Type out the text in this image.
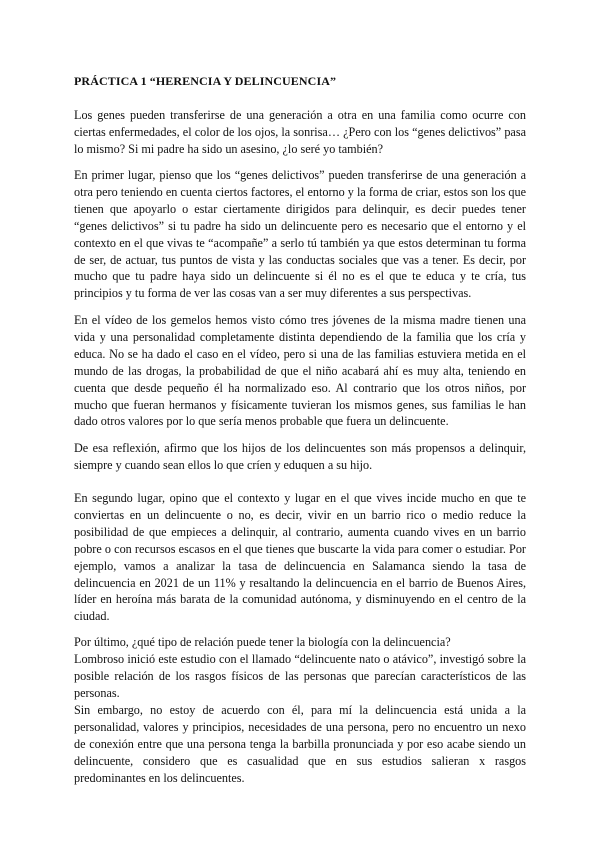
PRÁCTICA 1 “HERENCIA Y DELINCUENCIA”

Los genes pueden transferirse de una generación a otra en una familia como ocurre con ciertas enfermedades, el color de los ojos, la sonrisa… ¿Pero con los “genes delictivos” pasa lo mismo? Si mi padre ha sido un asesino, ¿lo seré yo también?

En primer lugar, pienso que los “genes delictivos” pueden transferirse de una generación a otra pero teniendo en cuenta ciertos factores, el entorno y la forma de criar, estos son los que tienen que apoyarlo o estar ciertamente dirigidos para delinquir, es decir puedes tener “genes delictivos” si tu padre ha sido un delincuente pero es necesario que el entorno y el contexto en el que vivas te “acompañe” a serlo tú también ya que estos determinan tu forma de ser, de actuar, tus puntos de vista y las conductas sociales que vas a tener. Es decir, por mucho que tu padre haya sido un delincuente si él no es el que te educa y te cría, tus principios y tu forma de ver las cosas van a ser muy diferentes a sus perspectivas.

En el vídeo de los gemelos hemos visto cómo tres jóvenes de la misma madre tienen una vida y una personalidad completamente distinta dependiendo de la familia que los cría y educa. No se ha dado el caso en el vídeo, pero si una de las familias estuviera metida en el mundo de las drogas, la probabilidad de que el niño acabará ahí es muy alta, teniendo en cuenta que desde pequeño él ha normalizado eso. Al contrario que los otros niños, por mucho que fueran hermanos y físicamente tuvieran los mismos genes, sus familias le han dado otros valores por lo que sería menos probable que fuera un delincuente.

De esa reflexión, afirmo que los hijos de los delincuentes son más propensos a delinquir, siempre y cuando sean ellos lo que críen y eduquen a su hijo.

En segundo lugar, opino que el contexto y lugar en el que vives incide mucho en que te conviertas en un delincuente o no, es decir, vivir en un barrio rico o medio reduce la posibilidad de que empieces a delinquir, al contrario, aumenta cuando vives en un barrio pobre o con recursos escasos en el que tienes que buscarte la vida para comer o estudiar. Por ejemplo, vamos a analizar la tasa de delincuencia en Salamanca siendo la tasa de delincuencia en 2021 de un 11% y resaltando la delincuencia en el barrio de Buenos Aires, líder en heroína más barata de la comunidad autónoma, y disminuyendo en el centro de la ciudad.

Por último, ¿qué tipo de relación puede tener la biología con la delincuencia?

Lombroso inició este estudio con el llamado “delincuente nato o atávico”, investigó sobre la posible relación de los rasgos físicos de las personas que parecían característicos de las personas.

Sin embargo, no estoy de acuerdo con él, para mí la delincuencia está unida a la personalidad, valores y principios, necesidades de una persona, pero no encuentro un nexo de conexión entre que una persona tenga la barbilla pronunciada y por eso acabe siendo un delincuente, considero que es casualidad que en sus estudios salieran x rasgos predominantes en los delincuentes.
